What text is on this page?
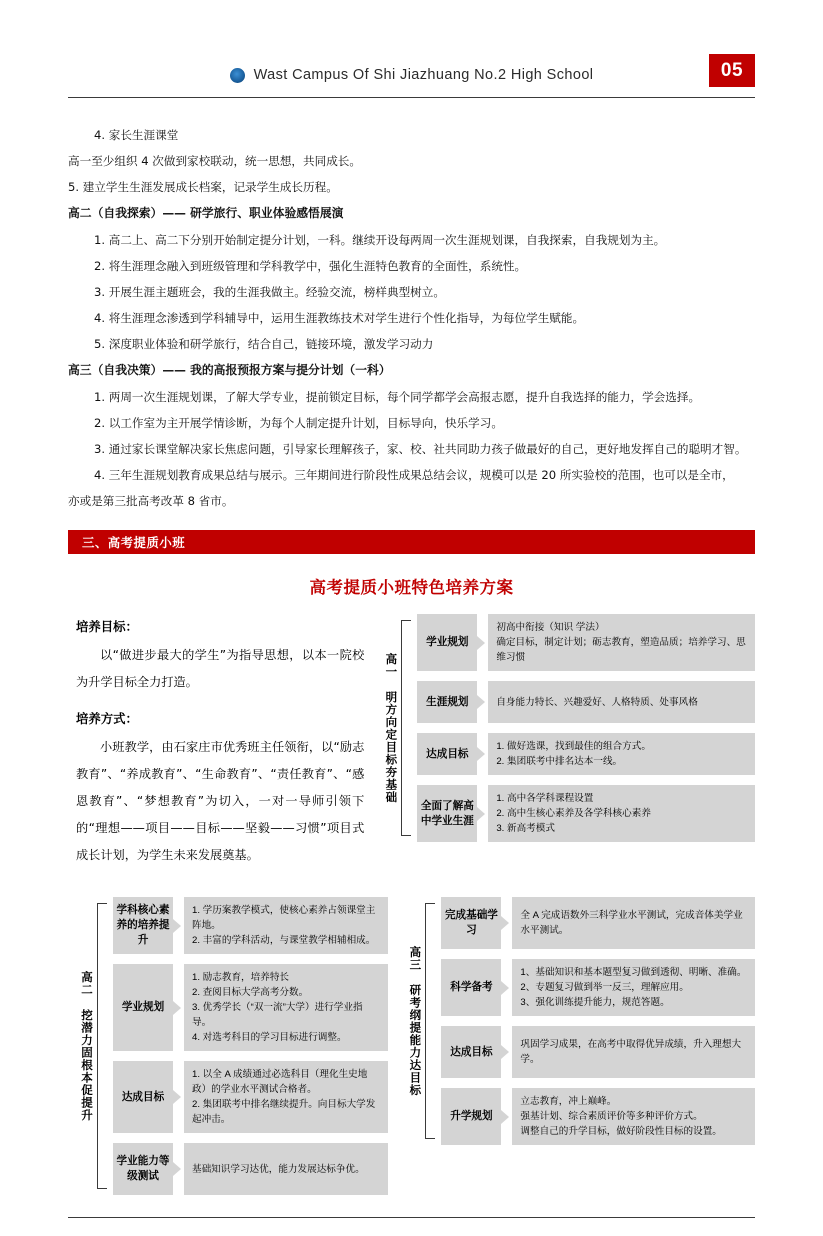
Wast Campus Of Shi Jiazhuang No.2 High School	05

4. 家长生涯课堂

高一至少组织 4 次做到家校联动，统一思想，共同成长。

5. 建立学生生涯发展成长档案，记录学生成长历程。

高二（自我探索）—— 研学旅行、职业体验感悟展演

1. 高二上、高二下分别开始制定提分计划，一科。继续开设每两周一次生涯规划课，自我探索，自我规划为主。

2. 将生涯理念融入到班级管理和学科教学中，强化生涯特色教育的全面性，系统性。

3. 开展生涯主题班会，我的生涯我做主。经验交流，榜样典型树立。

4. 将生涯理念渗透到学科辅导中，运用生涯教练技术对学生进行个性化指导，为每位学生赋能。

5. 深度职业体验和研学旅行，结合自己，链接环境，激发学习动力

高三（自我决策）—— 我的高报预报方案与提分计划（一科）

1. 两周一次生涯规划课，了解大学专业，提前锁定目标，每个同学都学会高报志愿，提升自我选择的能力，学会选择。

2. 以工作室为主开展学情诊断，为每个人制定提升计划，目标导向，快乐学习。

3. 通过家长课堂解决家长焦虑问题，引导家长理解孩子，家、校、社共同助力孩子做最好的自己，更好地发挥自己的聪明才智。

4. 三年生涯规划教育成果总结与展示。三年期间进行阶段性成果总结会议，规模可以是 20 所实验校的范围，也可以是全市，

亦或是第三批高考改革 8 省市。

三、高考提质小班
高考提质小班特色培养方案
培养目标：

以“做进步最大的学生”为指导思想，以本一院校为升学目标全力打造。

培养方式：

小班教学，由石家庄市优秀班主任领衔，以“励志教育”、“养成教育”、“生命教育”、“责任教育”、“感恩教育”、“梦想教育”为切入，一对一导师引领下的“理想——项目——目标——坚毅——习惯”项目式成长计划，为学生未来发展奠基。

高一 明方向定目标夯基础
学业规划
初高中衔接（知识 学法）
确定目标，制定计划；砺志教育，塑造品质；培养学习、思维习惯
生涯规划	自身能力特长、兴趣爱好、人格特质、处事风格
达成目标
1. 做好选课，找到最佳的组合方式。
2. 集团联考中排名达本一线。
全面了解高中学业生涯
1. 高中各学科课程设置
2. 高中生核心素养及各学科核心素养
3. 新高考模式
高二 挖潜力固根本促提升
学科核心素养的培养提升
1. 学历案教学模式，使核心素养占领课堂主阵地。
2. 丰富的学科活动，与课堂教学相辅相成。
学业规划
1. 励志教育，培养特长
2. 查阅目标大学高考分数。
3. 优秀学长（“双一流”大学）进行学业指导。
4. 对选考科目的学习目标进行调整。
达成目标
1. 以全 A 成绩通过必选科目（理化生史地政）的学业水平测试合格者。
2. 集团联考中排名继续提升。向目标大学发起冲击。
学业能力等级测试
基础知识学习达优，能力发展达标争优。
高三 研考纲提能力达目标
完成基础学习
全 A 完成语数外三科学业水平测试，完成音体美学业水平测试。
科学备考
1、基础知识和基本题型复习做到透彻、明晰、准确。
2、专题复习做到举一反三，理解应用。
3、强化训练提升能力，规范答题。
达成目标
巩固学习成果，在高考中取得优异成绩，升入理想大学。
升学规划
立志教育，冲上巅峰。
强基计划、综合素质评价等多种评价方式。
调整自己的升学目标，做好阶段性目标的设置。
